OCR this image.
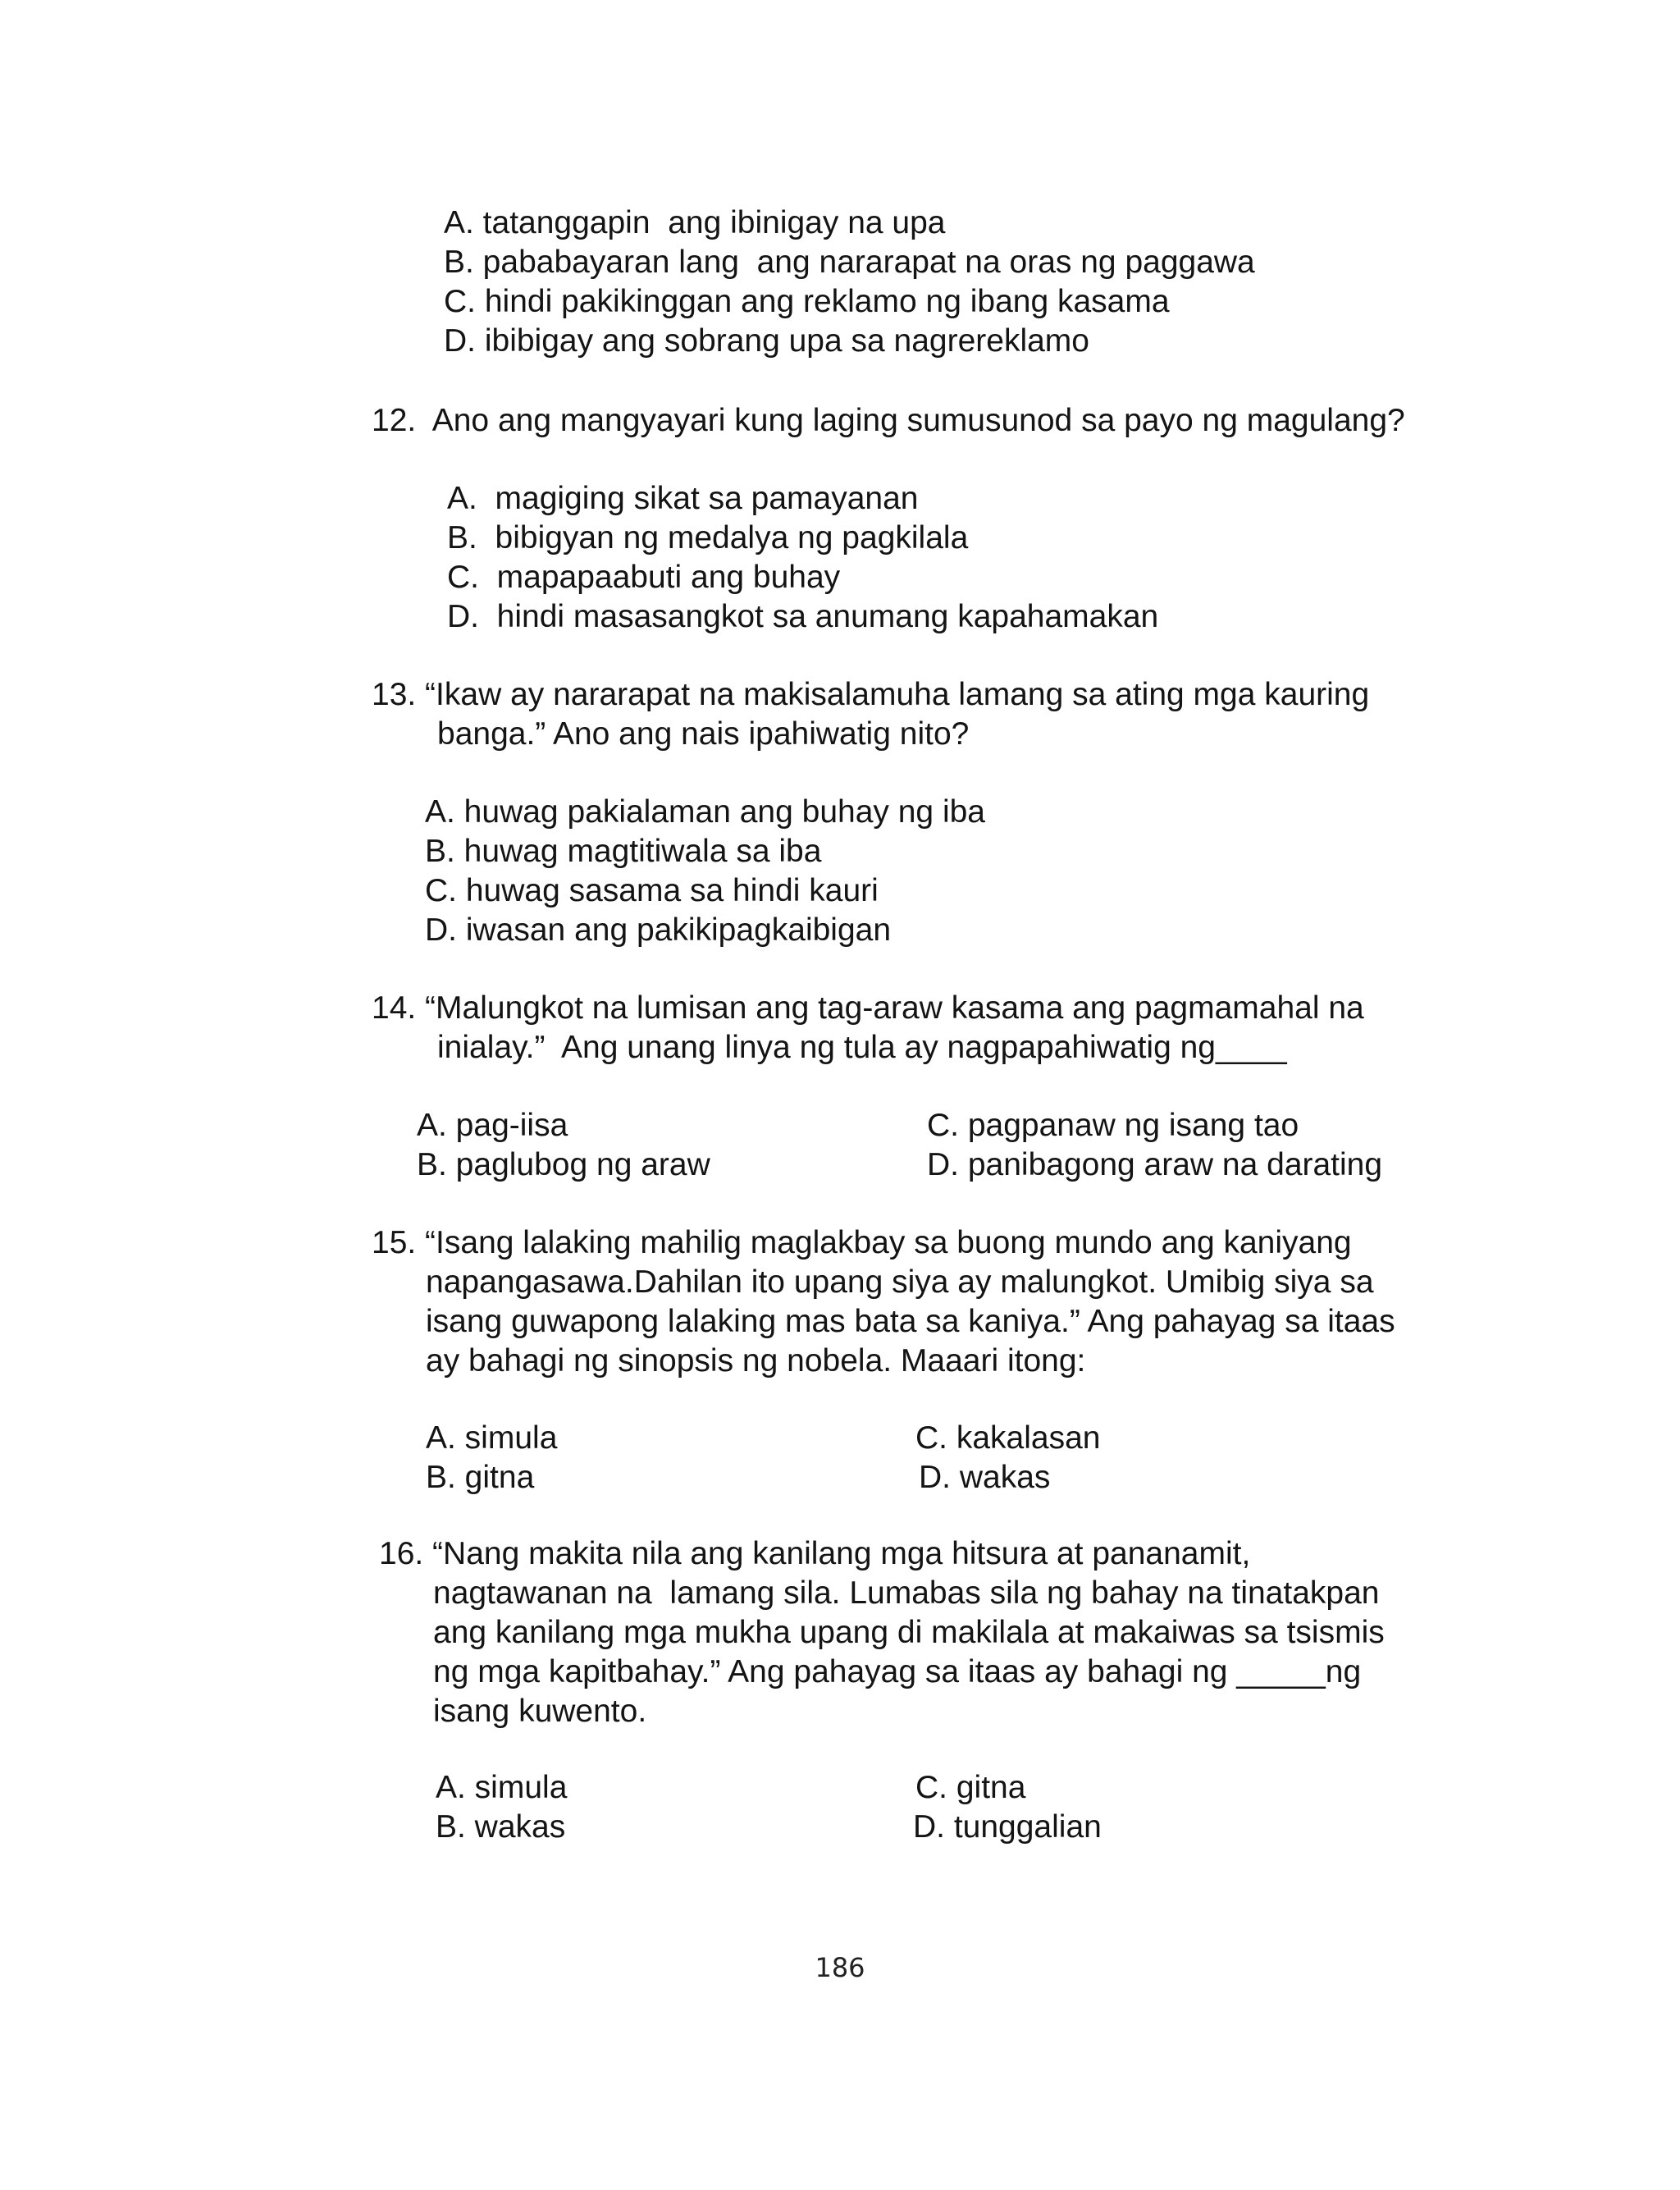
A. tatanggapin  ang ibinigay na upa
B. pababayaran lang  ang nararapat na oras ng paggawa
C. hindi pakikinggan ang reklamo ng ibang kasama
D. ibibigay ang sobrang upa sa nagrereklamo
12.  Ano ang mangyayari kung laging sumusunod sa payo ng magulang?
A.  magiging sikat sa pamayanan
B.  bibigyan ng medalya ng pagkilala
C.  mapapaabuti ang buhay
D.  hindi masasangkot sa anumang kapahamakan
13. “Ikaw ay nararapat na makisalamuha lamang sa ating mga kauring
banga.” Ano ang nais ipahiwatig nito?
A. huwag pakialaman ang buhay ng iba
B. huwag magtitiwala sa iba
C. huwag sasama sa hindi kauri
D. iwasan ang pakikipagkaibigan
14. “Malungkot na lumisan ang tag-araw kasama ang pagmamahal na
inialay.”  Ang unang linya ng tula ay nagpapahiwatig ng____
A. pag-iisa
B. paglubog ng araw
C. pagpanaw ng isang tao
D. panibagong araw na darating
15. “Isang lalaking mahilig maglakbay sa buong mundo ang kaniyang
napangasawa.Dahilan ito upang siya ay malungkot. Umibig siya sa
isang guwapong lalaking mas bata sa kaniya.” Ang pahayag sa itaas
ay bahagi ng sinopsis ng nobela. Maaari itong:
A. simula
B. gitna
C. kakalasan
D. wakas
16. “Nang makita nila ang kanilang mga hitsura at pananamit,
nagtawanan na  lamang sila. Lumabas sila ng bahay na tinatakpan
ang kanilang mga mukha upang di makilala at makaiwas sa tsismis
ng mga kapitbahay.” Ang pahayag sa itaas ay bahagi ng _____ng
isang kuwento.
A. simula
B. wakas
C. gitna
D. tunggalian
186
